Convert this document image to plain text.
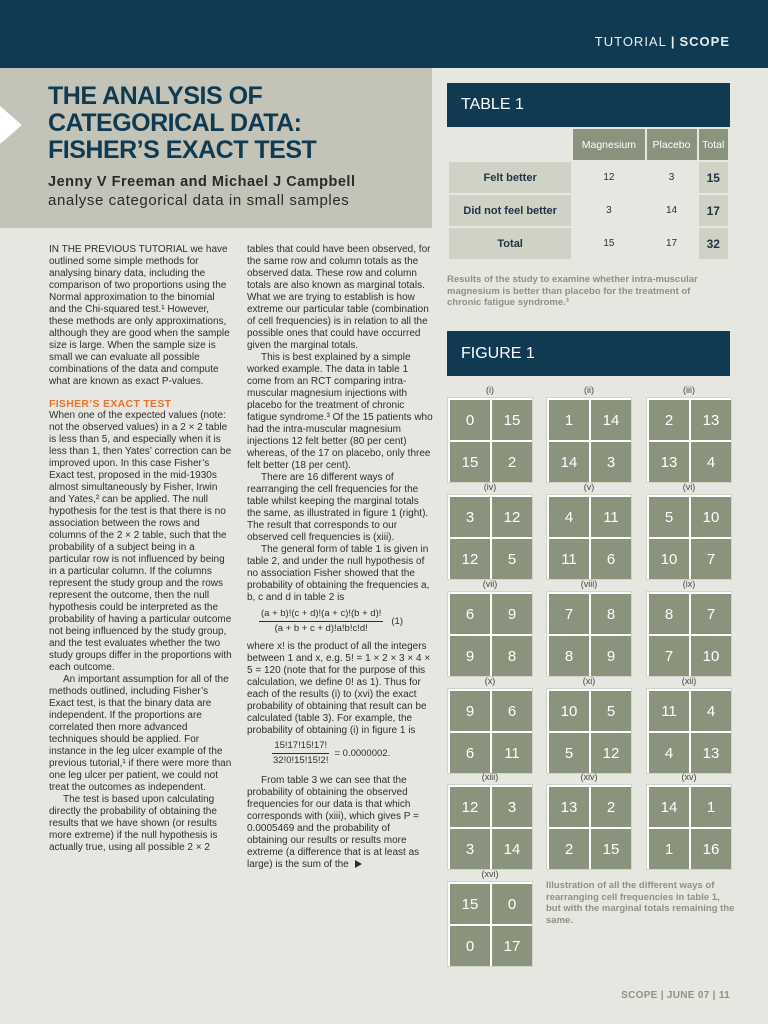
TUTORIAL | SCOPE
THE ANALYSIS OF CATEGORICAL DATA: FISHER’S EXACT TEST
Jenny V Freeman and Michael J Campbell
analyse categorical data in small samples

IN THE PREVIOUS TUTORIAL we have outlined some simple methods for analysing binary data, including the comparison of two proportions using the Normal approximation to the binomial and the Chi-squared test.¹ However, these methods are only approximations, although they are good when the sample size is large. When the sample size is small we can evaluate all possible combinations of the data and compute what are known as exact P-values.

FISHER’S EXACT TEST

When one of the expected values (note: not the observed values) in a 2 × 2 table is less than 5, and especially when it is less than 1, then Yates’ correction can be improved upon. In this case Fisher’s Exact test, proposed in the mid-1930s almost simultaneously by Fisher, Irwin and Yates,² can be applied. The null hypothesis for the test is that there is no association between the rows and columns of the 2 × 2 table, such that the probability of a subject being in a particular row is not influenced by being in a particular column. If the columns represent the study group and the rows represent the outcome, then the null hypothesis could be interpreted as the probability of having a particular outcome not being influenced by the study group, and the test evaluates whether the two study groups differ in the proportions with each outcome.

An important assumption for all of the methods outlined, including Fisher’s Exact test, is that the binary data are independent. If the proportions are correlated then more advanced techniques should be applied. For instance in the leg ulcer example of the previous tutorial,¹ if there were more than one leg ulcer per patient, we could not treat the outcomes as independent.

The test is based upon calculating directly the probability of obtaining the results that we have shown (or results more extreme) if the null hypothesis is actually true, using all possible 2 × 2

tables that could have been observed, for the same row and column totals as the observed data. These row and column totals are also known as marginal totals. What we are trying to establish is how extreme our particular table (combination of cell frequencies) is in relation to all the possible ones that could have occurred given the marginal totals.

This is best explained by a simple worked example. The data in table 1 come from an RCT comparing intra-muscular magnesium injections with placebo for the treatment of chronic fatigue syndrome.³ Of the 15 patients who had the intra-muscular magnesium injections 12 felt better (80 per cent) whereas, of the 17 on placebo, only three felt better (18 per cent).

There are 16 different ways of rearranging the cell frequencies for the table whilst keeping the marginal totals the same, as illustrated in figure 1 (right). The result that corresponds to our observed cell frequencies is (xiii).

The general form of table 1 is given in table 2, and under the null hypothesis of no association Fisher showed that the probability of obtaining the frequencies a, b, c and d in table 2 is

$\frac{(a + b)!(c + d)!(a + c)!(b + d)!}{(a + b + c + d)!a!b!c!d!} (1)$

where x! is the product of all the integers between 1 and x, e.g. 5! = 1 × 2 × 3 × 4 × 5 = 120 (note that for the purpose of this calculation, we define 0! as 1). Thus for each of the results (i) to (xvi) the exact probability of obtaining that result can be calculated (table 3). For example, the probability of obtaining (i) in figure 1 is

$\frac{15!17!15!17!}{32!0!15!15!2!} = 0.0000002$.

From table 3 we can see that the probability of obtaining the observed frequencies for our data is that which corresponds with (xiii), which gives P = 0.0005469 and the probability of obtaining our results or results more extreme (a difference that is at least as large) is the sum of the

TABLE 1
	Magnesium	Placebo	Total
Felt better	12	3	15
Did not feel better	3	14	17
Total	15	17	32
Results of the study to examine whether intra-muscular magnesium is better than placebo for the treatment of chronic fatigue syndrome.³
FIGURE 1
(i)
0	15
15	2
(ii)
1	14
14	3
(iii)
2	13
13	4
(iv)
3	12
12	5
(v)
4	11
11	6
(vi)
5	10
10	7
(vii)
6	9
9	8
(viii)
7	8
8	9
(ix)
8	7
7	10
(x)
9	6
6	11
(xi)
10	5
5	12
(xii)
11	4
4	13
(xiii)
12	3
3	14
(xiv)
13	2
2	15
(xv)
14	1
1	16
(xvi)
15	0
0	17
Illustration of all the different ways of rearranging cell frequencies in table 1, but with the marginal totals remaining the same.
SCOPE | JUNE 07 | 11
